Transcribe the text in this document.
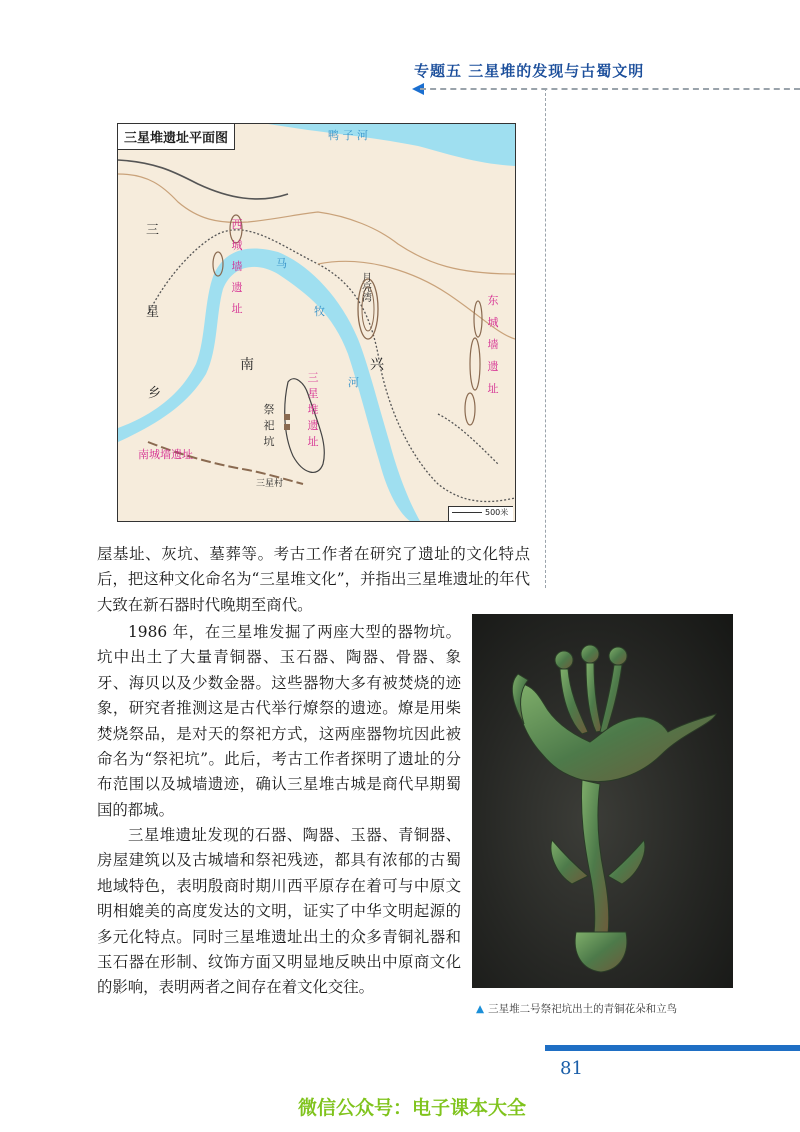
专题五 三星堆的发现与古蜀文明
三星堆遗址平面图	鸭 子 河
西城墙遗址
三
星
乡
马
牧
河
月亮湾	东城墙遗址
南	兴
三星堆遗址
祭祀坑
南城墙遗址
三星村
500米
屋基址、灰坑、墓葬等。考古工作者在研究了遗址的文化特点后，把这种文化命名为“三星堆文化”，并指出三星堆遗址的年代大致在新石器时代晚期至商代。
1986 年，在三星堆发掘了两座大型的器物坑。坑中出土了大量青铜器、玉石器、陶器、骨器、象牙、海贝以及少数金器。这些器物大多有被焚烧的迹象，研究者推测这是古代举行燎祭的遗迹。燎是用柴焚烧祭品，是对天的祭祀方式，这两座器物坑因此被命名为“祭祀坑”。此后，考古工作者探明了遗址的分布范围以及城墙遗迹，确认三星堆古城是商代早期蜀国的都城。
三星堆遗址发现的石器、陶器、玉器、青铜器、房屋建筑以及古城墙和祭祀残迹，都具有浓郁的古蜀地域特色，表明殷商时期川西平原存在着可与中原文明相媲美的高度发达的文明，证实了中华文明起源的多元化特点。同时三星堆遗址出土的众多青铜礼器和玉石器在形制、纹饰方面又明显地反映出中原商文化的影响，表明两者之间存在着文化交往。
▲ 三星堆二号祭祀坑出土的青铜花朵和立鸟
81
微信公众号：电子课本大全
